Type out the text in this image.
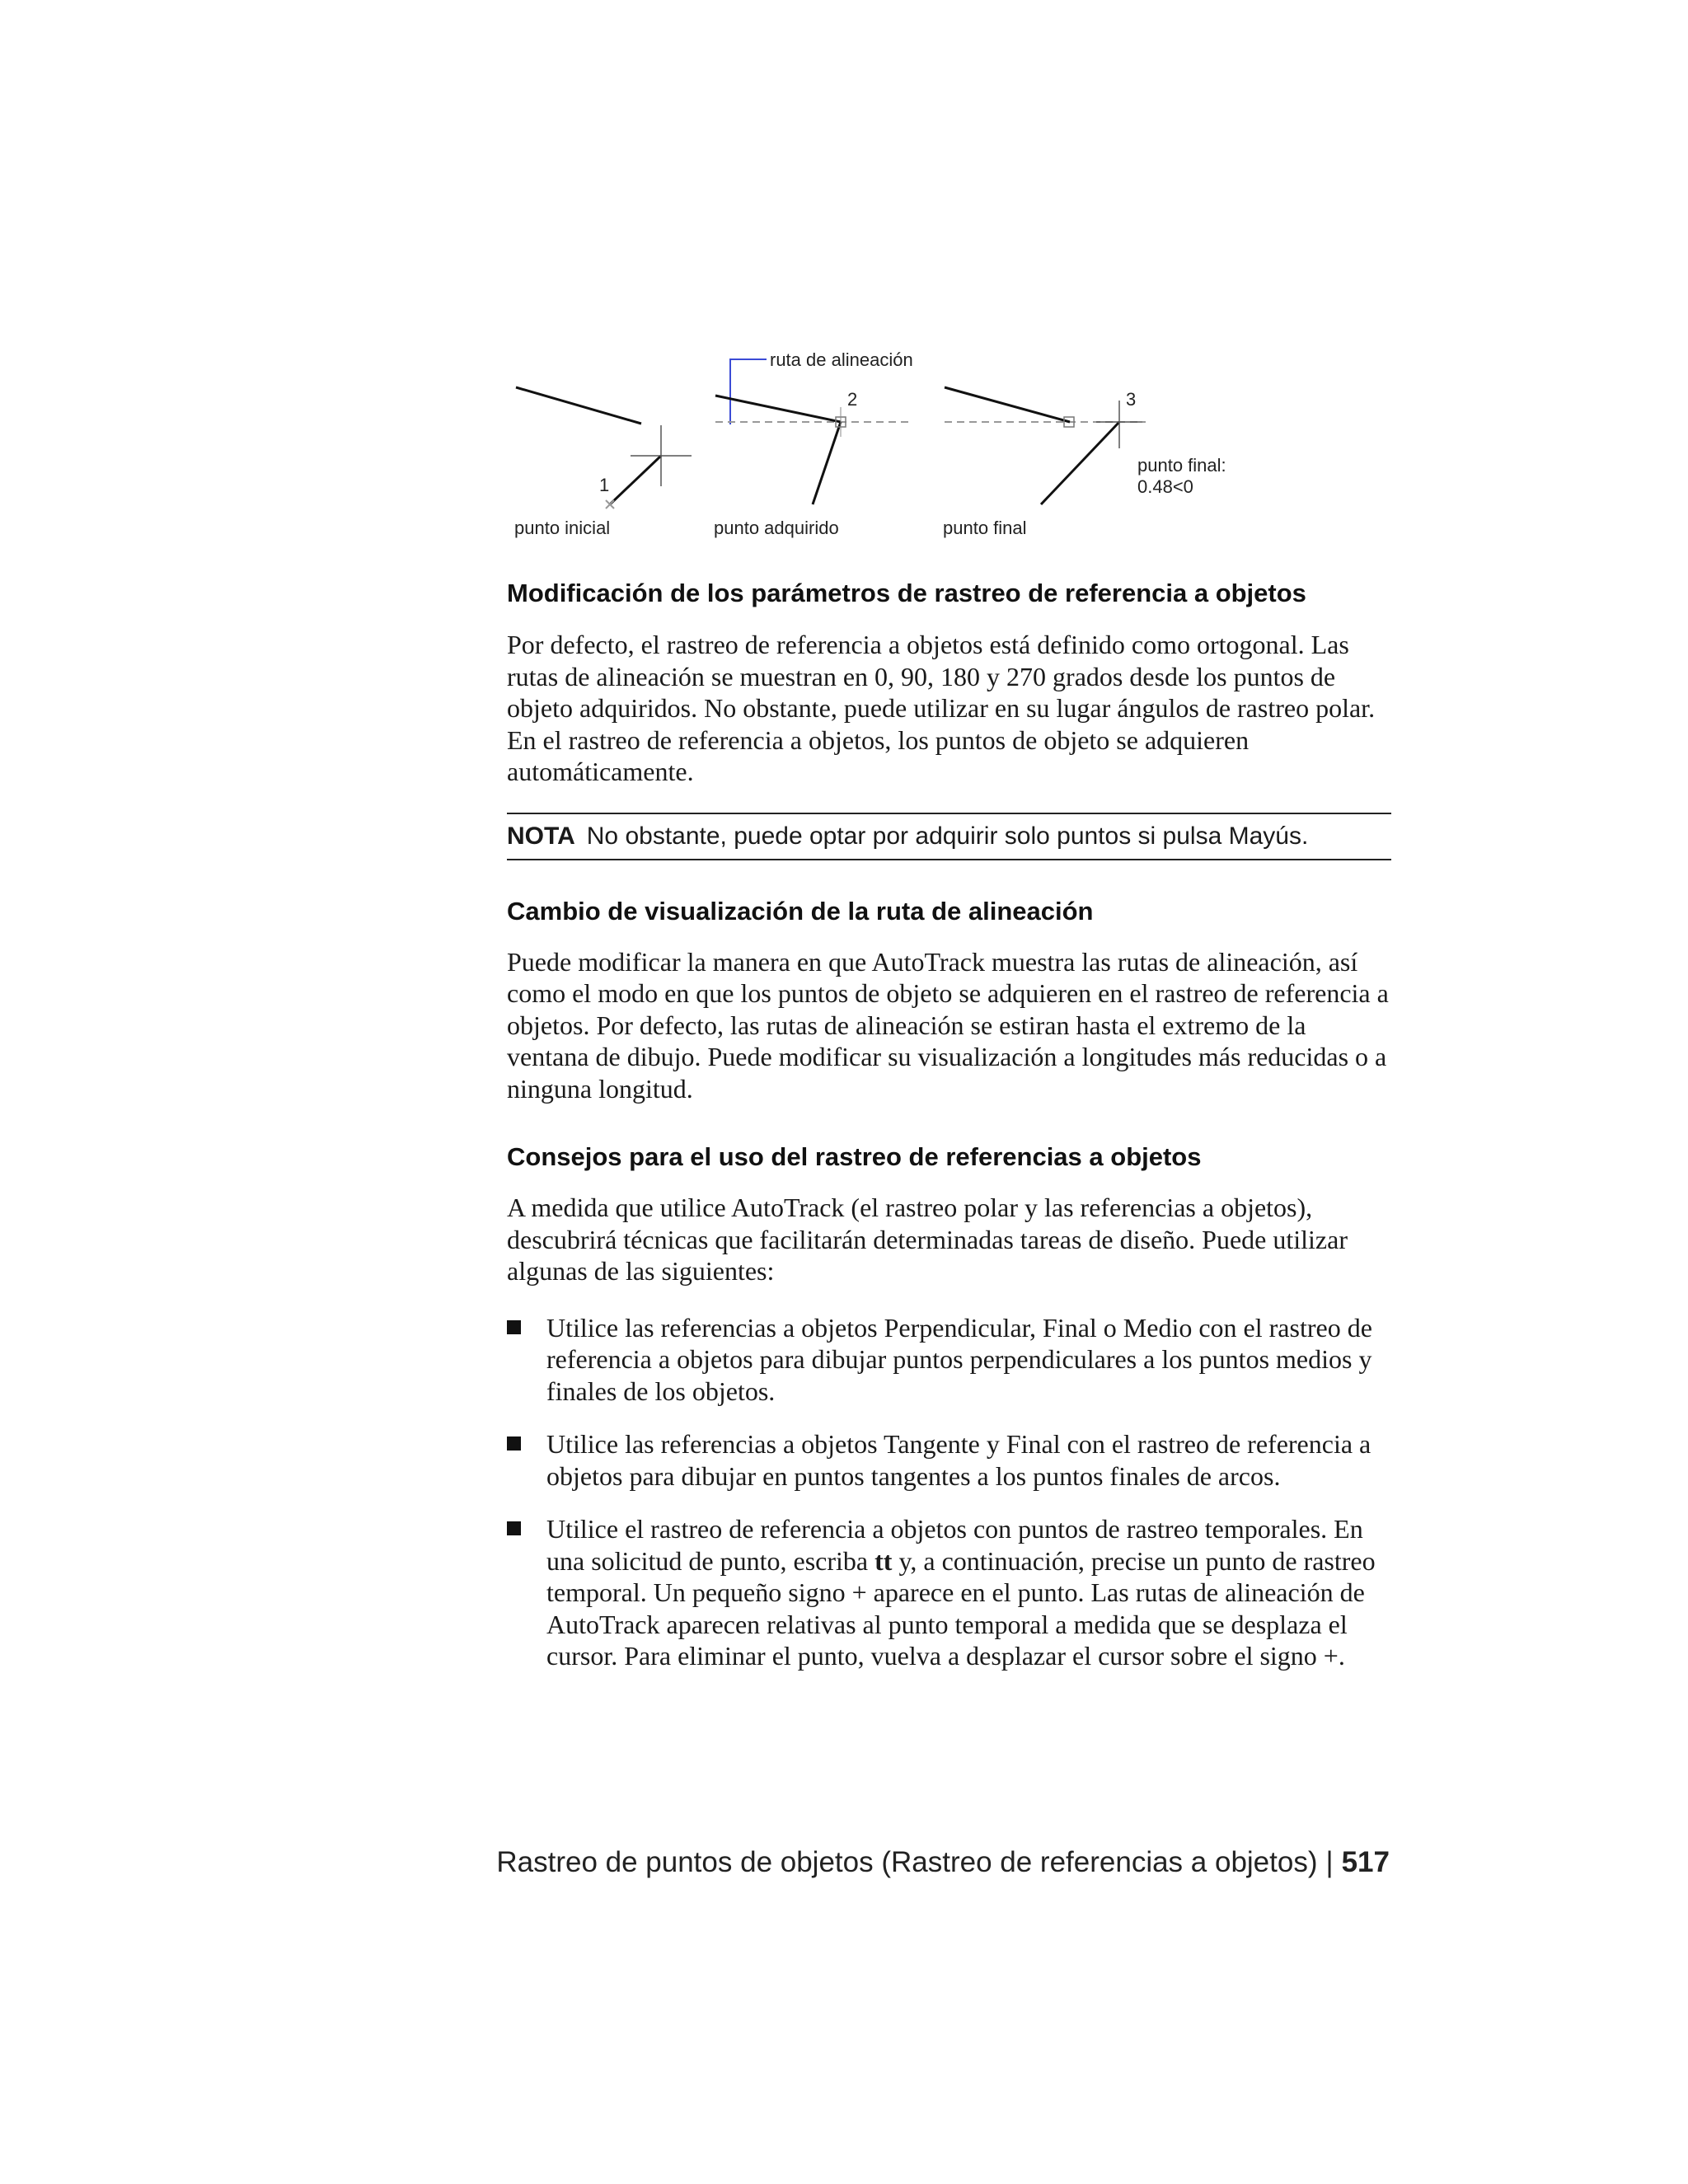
1
punto inicial
ruta de alineación
2
punto adquirido
3
punto final:
0.48<0
punto final
Modificación de los parámetros de rastreo de referencia a objetos

Por defecto, el rastreo de referencia a objetos está definido como ortogonal. Las rutas de alineación se muestran en 0, 90, 180 y 270 grados desde los puntos de objeto adquiridos. No obstante, puede utilizar en su lugar ángulos de rastreo polar. En el rastreo de referencia a objetos, los puntos de objeto se adquieren automáticamente.

NOTA No obstante, puede optar por adquirir solo puntos si pulsa Mayús.
Cambio de visualización de la ruta de alineación

Puede modificar la manera en que AutoTrack muestra las rutas de alineación, así como el modo en que los puntos de objeto se adquieren en el rastreo de referencia a objetos. Por defecto, las rutas de alineación se estiran hasta el extremo de la ventana de dibujo. Puede modificar su visualización a longitudes más reducidas o a ninguna longitud.

Consejos para el uso del rastreo de referencias a objetos

A medida que utilice AutoTrack (el rastreo polar y las referencias a objetos), descubrirá técnicas que facilitarán determinadas tareas de diseño. Puede utilizar algunas de las siguientes:

Utilice las referencias a objetos Perpendicular, Final o Medio con el rastreo de referencia a objetos para dibujar puntos perpendiculares a los puntos medios y finales de los objetos.

Utilice las referencias a objetos Tangente y Final con el rastreo de referencia a objetos para dibujar en puntos tangentes a los puntos finales de arcos.

Utilice el rastreo de referencia a objetos con puntos de rastreo temporales. En una solicitud de punto, escriba tt y, a continuación, precise un punto de rastreo temporal. Un pequeño signo + aparece en el punto. Las rutas de alineación de AutoTrack aparecen relativas al punto temporal a medida que se desplaza el cursor. Para eliminar el punto, vuelva a desplazar el cursor sobre el signo +.

Rastreo de puntos de objetos (Rastreo de referencias a objetos) | 517
